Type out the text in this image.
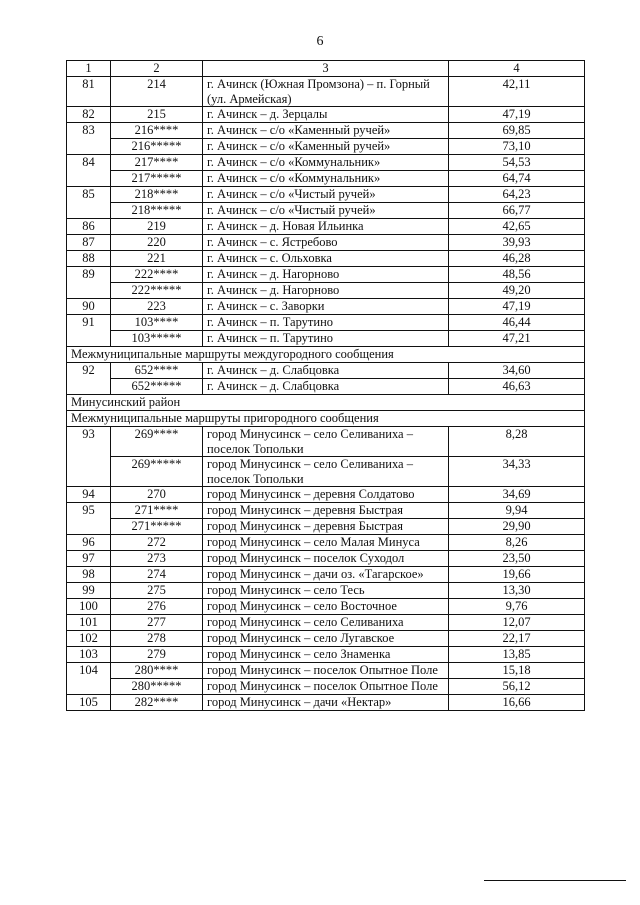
6
1	2	3	4
81	214	г. Ачинск (Южная Промзона) – п. Горный (ул. Армейская)	42,11
82	215	г. Ачинск – д. Зерцалы	47,19
83	216****	г. Ачинск – с/о «Каменный ручей»	69,85
	216*****	г. Ачинск – с/о «Каменный ручей»	73,10
84	217****	г. Ачинск – с/о «Коммунальник»	54,53
	217*****	г. Ачинск – с/о «Коммунальник»	64,74
85	218****	г. Ачинск – с/о «Чистый ручей»	64,23
	218*****	г. Ачинск – с/о «Чистый ручей»	66,77
86	219	г. Ачинск – д. Новая Ильинка	42,65
87	220	г. Ачинск – с. Ястребово	39,93
88	221	г. Ачинск – с. Ольховка	46,28
89	222****	г. Ачинск – д. Нагорново	48,56
	222*****	г. Ачинск – д. Нагорново	49,20
90	223	г. Ачинск – с. Заворки	47,19
91	103****	г. Ачинск – п. Тарутино	46,44
	103*****	г. Ачинск – п. Тарутино	47,21
Межмуниципальные маршруты междугородного сообщения			
92	652****	г. Ачинск – д. Слабцовка	34,60
	652*****	г. Ачинск – д. Слабцовка	46,63
Минусинский район			
Межмуниципальные маршруты пригородного сообщения			
93	269****	город Минусинск – село Селиваниха – поселок Топольки	8,28
	269*****	город Минусинск – село Селиваниха – поселок Топольки	34,33
94	270	город Минусинск – деревня Солдатово	34,69
95	271****	город Минусинск – деревня Быстрая	9,94
	271*****	город Минусинск – деревня Быстрая	29,90
96	272	город Минусинск – село Малая Минуса	8,26
97	273	город Минусинск – поселок Суходол	23,50
98	274	город Минусинск – дачи оз. «Тагарское»	19,66
99	275	город Минусинск – село Тесь	13,30
100	276	город Минусинск – село Восточное	9,76
101	277	город Минусинск – село Селиваниха	12,07
102	278	город Минусинск – село Лугавское	22,17
103	279	город Минусинск – село Знаменка	13,85
104	280****	город Минусинск – поселок Опытное Поле	15,18
	280*****	город Минусинск – поселок Опытное Поле	56,12
105	282****	город Минусинск – дачи «Нектар»	16,66
